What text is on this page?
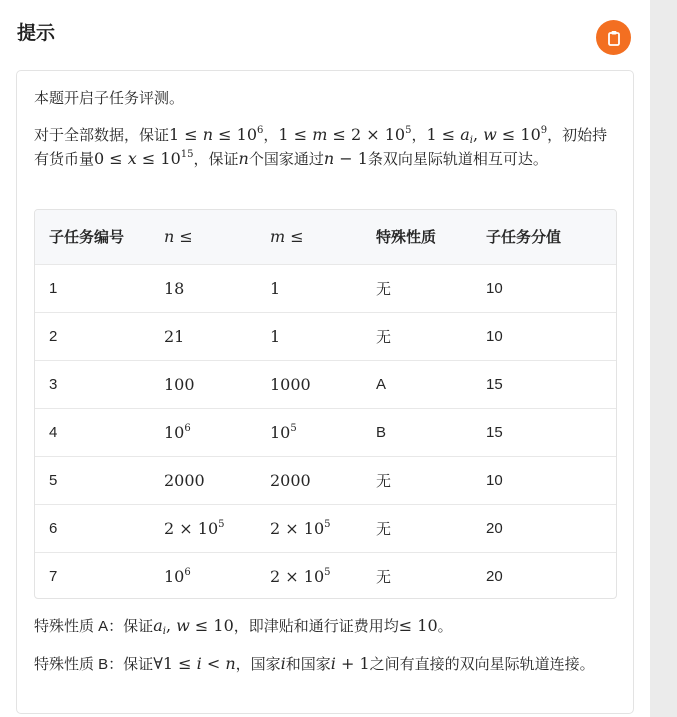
提示

本题开启子任务评测。

对于全部数据，保证$1 \le n \le 10^6$，$1 \le m \le 2 \times 10^5$，$1 \le a_i$, $w \le 10^9$，初始持有货币量$0 \le x \le 10^{15}$，保证n个国家通过n − 1条双向星际轨道相互可达。

子任务编号	n ≤	m ≤	特殊性质	子任务分值
1	18	1	无	10
2	21	1	无	10
3	100	1000	A	15
4	$10^6$	$10^5$	B	15
5	2000	2000	无	10
6	$2 \times 10^5$	$2 \times 10^5$	无	20
7	$10^6$	$2 \times 10^5$	无	20

特殊性质 A：保证$a_i$, w ≤ 10，即津贴和通行证费用均≤ 10。

特殊性质 B：保证∀1 ≤ i < n，国家i和国家i + 1之间有直接的双向星际轨道连接。
